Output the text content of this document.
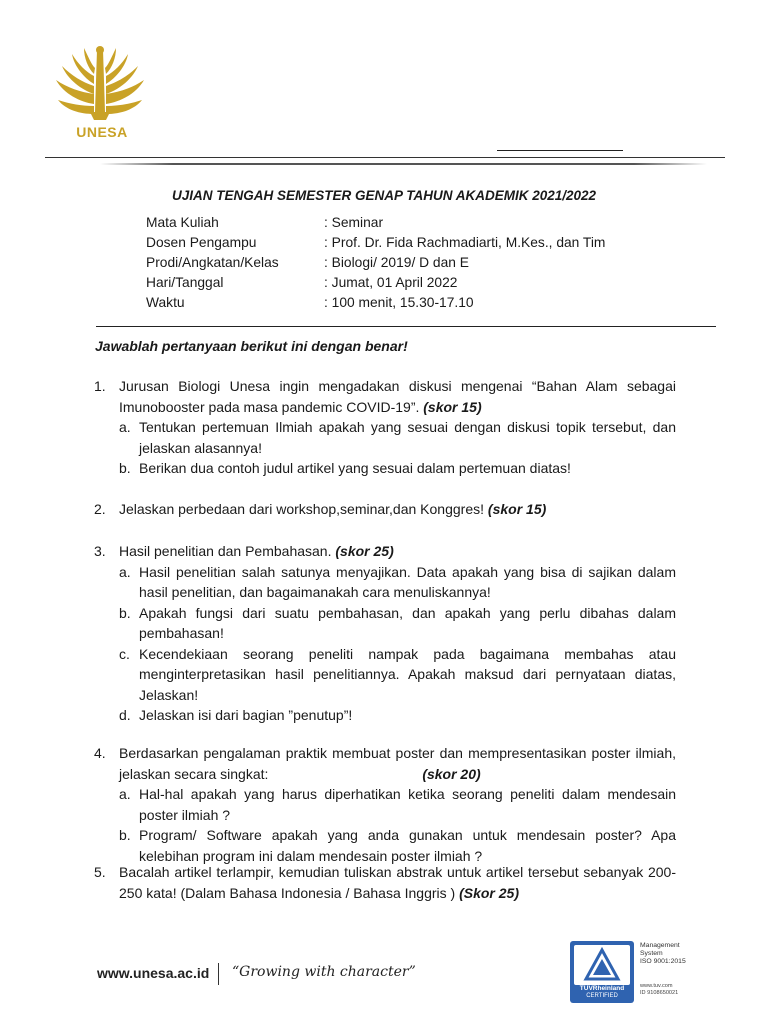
UNESA
UJIAN TENGAH SEMESTER GENAP TAHUN AKADEMIK 2021/2022
Mata Kuliah	: Seminar
Dosen Pengampu	: Prof. Dr. Fida Rachmadiarti, M.Kes., dan Tim
Prodi/Angkatan/Kelas	: Biologi/ 2019/ D dan E
Hari/Tanggal	: Jumat, 01 April 2022
Waktu	: 100 menit, 15.30-17.10
Jawablah pertanyaan berikut ini dengan benar!
1. Jurusan Biologi Unesa ingin mengadakan diskusi mengenai “Bahan Alam sebagai Imunobooster pada masa pandemic COVID-19”. (skor 15)
a. Tentukan pertemuan Ilmiah apakah yang sesuai dengan diskusi topik tersebut, dan jelaskan alasannya!
b. Berikan dua contoh judul artikel yang sesuai dalam pertemuan diatas!
2. Jelaskan perbedaan dari workshop,seminar,dan Konggres! (skor 15)
3. Hasil penelitian dan Pembahasan. (skor 25)
a. Hasil penelitian salah satunya menyajikan. Data apakah yang bisa di sajikan dalam hasil penelitian, dan bagaimanakah cara menuliskannya!
b. Apakah fungsi dari suatu pembahasan, dan apakah yang perlu dibahas dalam pembahasan!
c. Kecendekiaan seorang peneliti nampak pada bagaimana membahas atau menginterpretasikan hasil penelitiannya. Apakah maksud dari pernyataan diatas, Jelaskan!
d. Jelaskan isi dari bagian ”penutup”!
4. Berdasarkan pengalaman praktik membuat poster dan mempresentasikan poster ilmiah, jelaskan secara singkat:	(skor 20)
a. Hal-hal apakah yang harus diperhatikan ketika seorang peneliti dalam mendesain poster ilmiah ?
b. Program/ Software apakah yang anda gunakan untuk mendesain poster? Apa kelebihan program ini dalam mendesain poster ilmiah ?
5. Bacalah artikel terlampir, kemudian tuliskan abstrak untuk artikel tersebut sebanyak 200- 250 kata! (Dalam Bahasa Indonesia / Bahasa Inggris ) (Skor 25)
www.unesa.ac.id “Growing with character”
TÜVRheinland
CERTIFIED
Management
System
ISO 9001:2015
www.tuv.com
ID 9108650021
